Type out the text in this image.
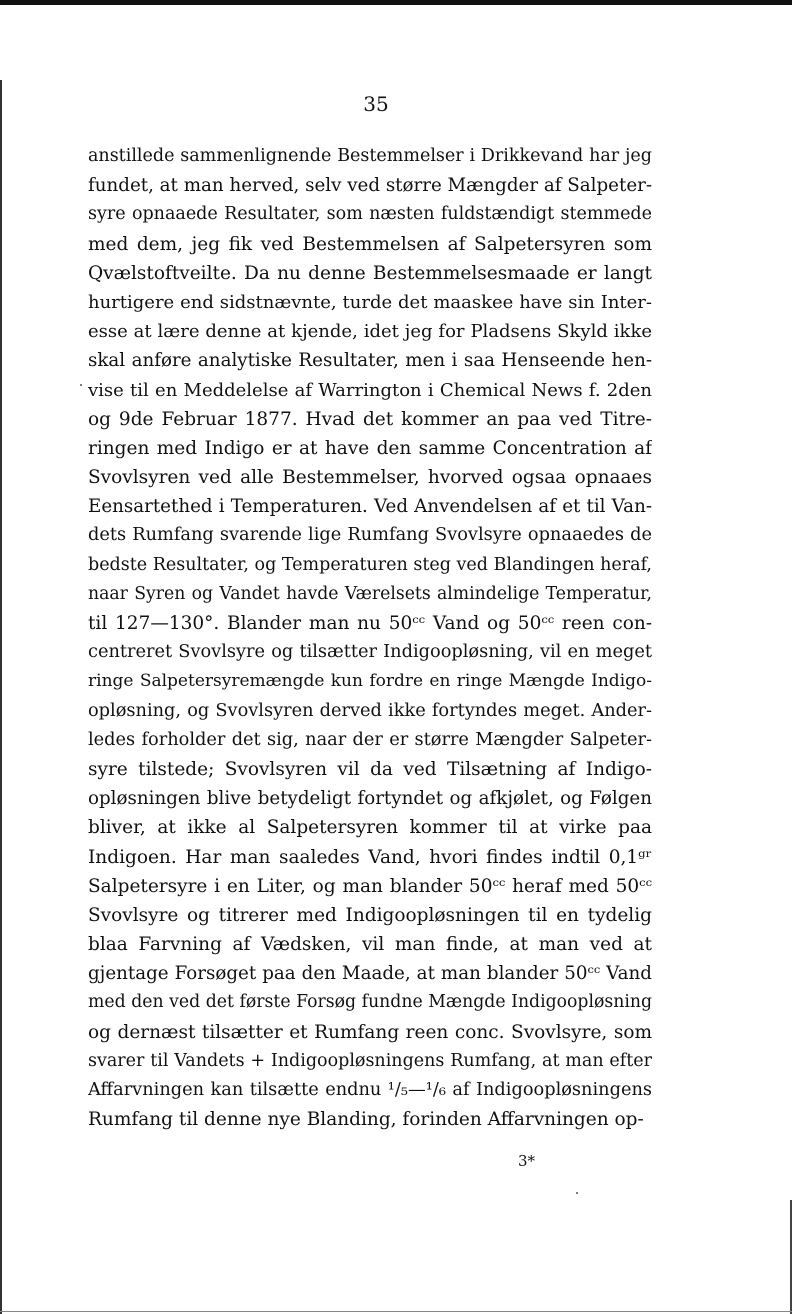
35
anstillede sammenlignende Bestemmelser i Drikkevand har jeg
fundet, at man herved, selv ved større Mængder af Salpeter-
syre opnaaede Resultater, som næsten fuldstændigt stemmede
med dem, jeg fik ved Bestemmelsen af Salpetersyren som
Qvælstoftveilte. Da nu denne Bestemmelsesmaade er langt
hurtigere end sidstnævnte, turde det maaskee have sin Inter-
esse at lære denne at kjende, idet jeg for Pladsens Skyld ikke
skal anføre analytiske Resultater, men i saa Henseende hen-
vise til en Meddelelse af Warrington i Chemical News f. 2den
og 9de Februar 1877. Hvad det kommer an paa ved Titre-
ringen med Indigo er at have den samme Concentration af
Svovlsyren ved alle Bestemmelser, hvorved ogsaa opnaaes
Eensartethed i Temperaturen. Ved Anvendelsen af et til Van-
dets Rumfang svarende lige Rumfang Svovlsyre opnaaedes de
bedste Resultater, og Temperaturen steg ved Blandingen heraf,
naar Syren og Vandet havde Værelsets almindelige Temperatur,
til 127—130°. Blander man nu 50ᶜᶜ Vand og 50ᶜᶜ reen con-
centreret Svovlsyre og tilsætter Indigoopløsning, vil en meget
ringe Salpetersyremængde kun fordre en ringe Mængde Indigo-
opløsning, og Svovlsyren derved ikke fortyndes meget. Ander-
ledes forholder det sig, naar der er større Mængder Salpeter-
syre tilstede; Svovlsyren vil da ved Tilsætning af Indigo-
opløsningen blive betydeligt fortyndet og afkjølet, og Følgen
bliver, at ikke al Salpetersyren kommer til at virke paa
Indigoen. Har man saaledes Vand, hvori findes indtil 0,1ᵍʳ
Salpetersyre i en Liter, og man blander 50ᶜᶜ heraf med 50ᶜᶜ
Svovlsyre og titrerer med Indigoopløsningen til en tydelig
blaa Farvning af Vædsken, vil man finde, at man ved at
gjentage Forsøget paa den Maade, at man blander 50ᶜᶜ Vand
med den ved det første Forsøg fundne Mængde Indigoopløsning
og dernæst tilsætter et Rumfang reen conc. Svovlsyre, som
svarer til Vandets + Indigoopløsningens Rumfang, at man efter
Affarvningen kan tilsætte endnu ¹/₅—¹/₆ af Indigoopløsningens
Rumfang til denne nye Blanding, forinden Affarvningen op-
3*
